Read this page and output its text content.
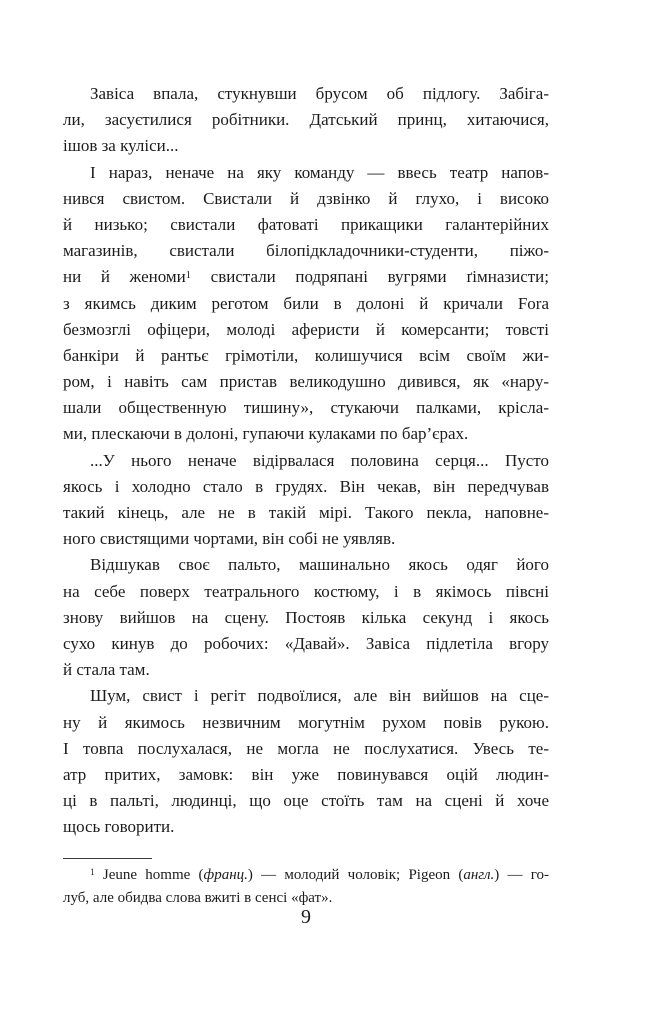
Завіса впала, стукнувши брусом об підлогу. Забіга-
ли, засуєтилися робітники. Датський принц, хитаючися,
ішов за куліси...
І нараз, неначе на яку команду — ввесь театр напов-
нився свистом. Свистали й дзвінко й глухо, і високо
й низько; свистали фатоваті прикащики галантерійних
магазинів, свистали білопідкладочники-студенти, піжо-
ни й женоми$^1$ свистали подряпані вугрями ґімназисти;
з якимсь диким реготом били в долоні й кричали Fora
безмозглі офіцери, молоді аферисти й комерсанти; товсті
банкіри й рантьє грімотіли, колишучися всім своїм жи-
ром, і навіть сам пристав великодушно дивився, як «нару-
шали общественную тишину», стукаючи палками, крісла-
ми, плескаючи в долоні, гупаючи кулаками по бар’єрах.
...У нього неначе відірвалася половина серця... Пусто
якось і холодно стало в грудях. Він чекав, він передчував
такий кінець, але не в такій мірі. Такого пекла, наповне-
ного свистящими чортами, він собі не уявляв.
Відшукав своє пальто, машинально якось одяг його
на себе поверх театрального костюму, і в якімось півсні
знову вийшов на сцену. Постояв кілька секунд і якось
сухо кинув до робочих: «Давай». Завіса підлетіла вгору
й стала там.
Шум, свист і регіт подвоїлися, але він вийшов на сце-
ну й якимось незвичним могутнім рухом повів рукою.
І товпа послухалася, не могла не послухатися. Увесь те-
атр притих, замовк: він уже повинувався оцій людин-
ці в пальті, людинці, що оце стоїть там на сцені й хоче
щось говорити.
$^1$ Jeune homme (франц.) — молодий чоловік; Pigeon (англ.) — го-
луб, але обидва слова вжиті в сенсі «фат».
9
